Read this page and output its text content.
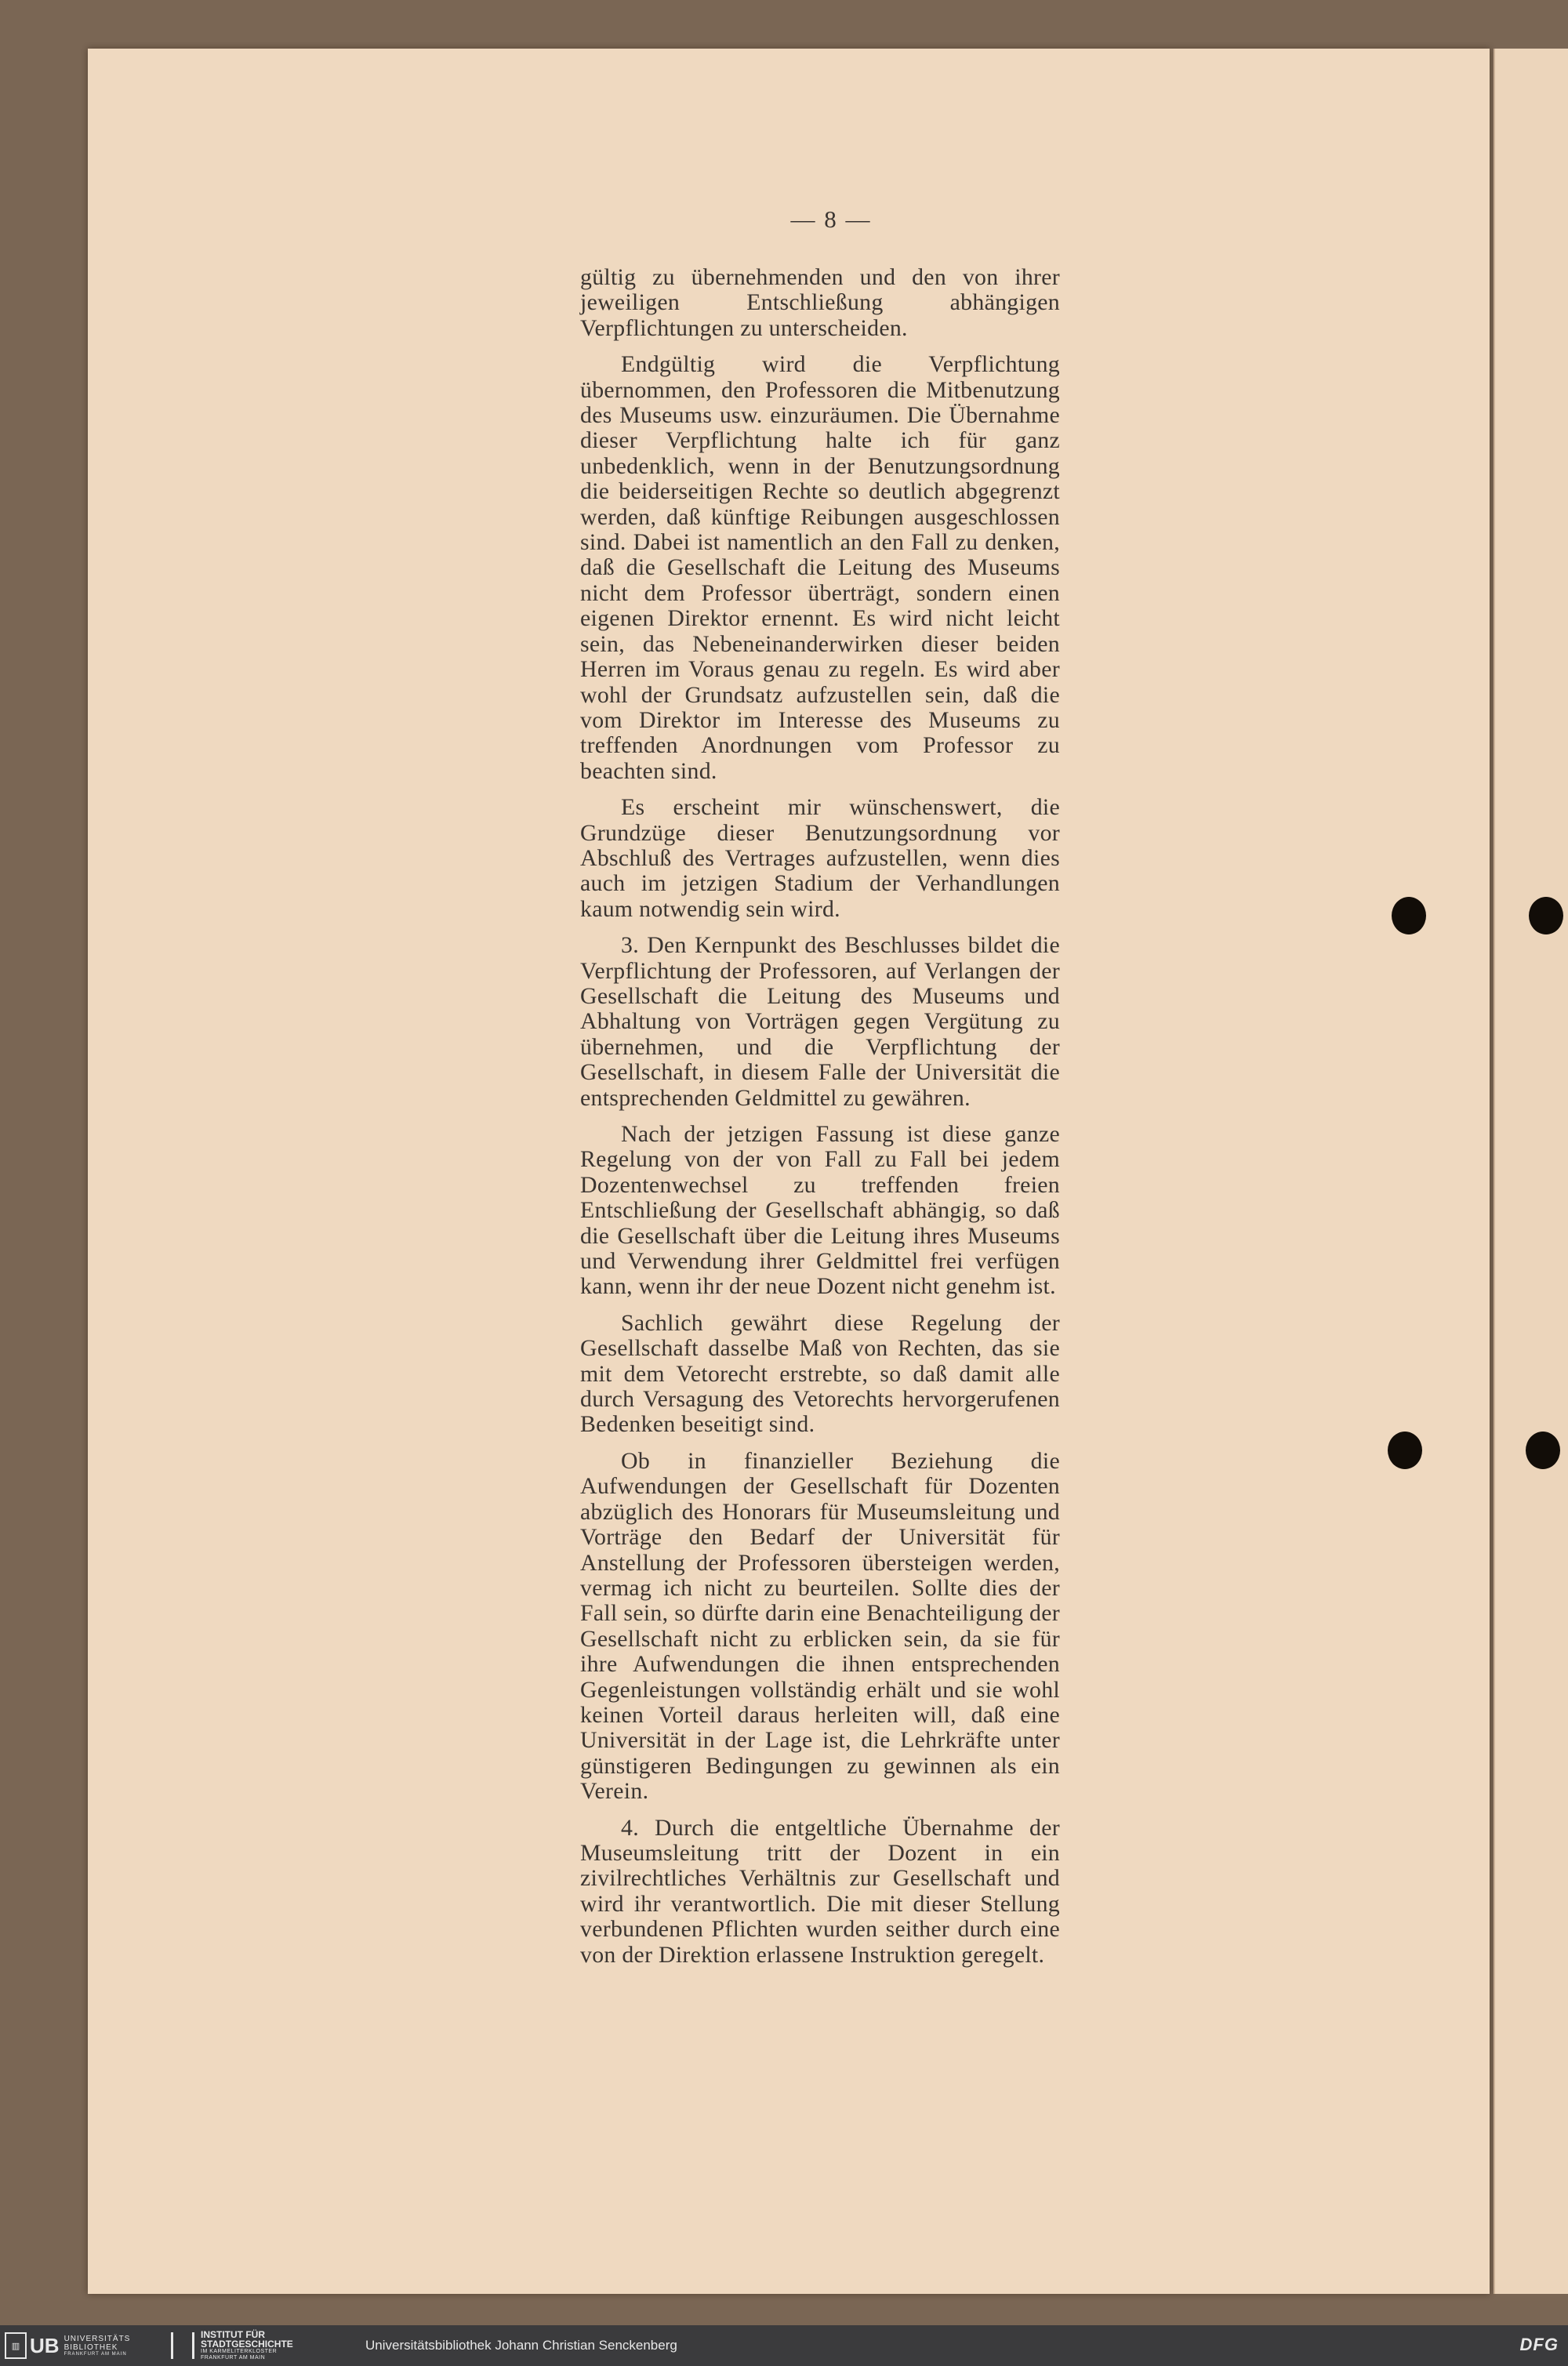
— 8 —

gültig zu übernehmenden und den von ihrer jeweiligen Entschließung abhängigen Verpflichtungen zu unterscheiden.

Endgültig wird die Verpflichtung übernommen, den Professoren die Mitbenutzung des Museums usw. einzuräumen. Die Übernahme dieser Verpflichtung halte ich für ganz unbedenklich, wenn in der Benutzungsordnung die beiderseitigen Rechte so deutlich abgegrenzt werden, daß künftige Reibungen ausgeschlossen sind. Dabei ist namentlich an den Fall zu denken, daß die Gesellschaft die Leitung des Museums nicht dem Professor überträgt, sondern einen eigenen Direktor ernennt. Es wird nicht leicht sein, das Nebeneinanderwirken dieser beiden Herren im Voraus genau zu regeln. Es wird aber wohl der Grundsatz aufzustellen sein, daß die vom Direktor im Interesse des Museums zu treffenden Anordnungen vom Professor zu beachten sind.

Es erscheint mir wünschenswert, die Grundzüge dieser Benutzungsordnung vor Abschluß des Vertrages aufzustellen, wenn dies auch im jetzigen Stadium der Verhandlungen kaum notwendig sein wird.

3. Den Kernpunkt des Beschlusses bildet die Verpflichtung der Professoren, auf Verlangen der Gesellschaft die Leitung des Museums und Abhaltung von Vorträgen gegen Vergütung zu übernehmen, und die Verpflichtung der Gesellschaft, in diesem Falle der Universität die entsprechenden Geldmittel zu gewähren.

Nach der jetzigen Fassung ist diese ganze Regelung von der von Fall zu Fall bei jedem Dozentenwechsel zu treffenden freien Entschließung der Gesellschaft abhängig, so daß die Gesellschaft über die Leitung ihres Museums und Verwendung ihrer Geldmittel frei verfügen kann, wenn ihr der neue Dozent nicht genehm ist.

Sachlich gewährt diese Regelung der Gesellschaft dasselbe Maß von Rechten, das sie mit dem Vetorecht erstrebte, so daß damit alle durch Versagung des Vetorechts hervorgerufenen Bedenken beseitigt sind.

Ob in finanzieller Beziehung die Aufwendungen der Gesellschaft für Dozenten abzüglich des Honorars für Museumsleitung und Vorträge den Bedarf der Universität für Anstellung der Professoren übersteigen werden, vermag ich nicht zu beurteilen. Sollte dies der Fall sein, so dürfte darin eine Benachteiligung der Gesellschaft nicht zu erblicken sein, da sie für ihre Aufwendungen die ihnen entsprechenden Gegenleistungen vollständig erhält und sie wohl keinen Vorteil daraus herleiten will, daß eine Universität in der Lage ist, die Lehrkräfte unter günstigeren Bedingungen zu gewinnen als ein Verein.

4. Durch die entgeltliche Übernahme der Museumsleitung tritt der Dozent in ein zivilrechtliches Verhältnis zur Gesellschaft und wird ihr verantwortlich. Die mit dieser Stellung verbundenen Pflichten wurden seither durch eine von der Direktion erlassene Instruktion geregelt.

▥ UB UNIVERSITÄTS
BIBLIOTHEK
FRANKFURT AM MAIN
INSTITUT FÜR
STADTGESCHICHTE
IM KARMELITERKLOSTER
FRANKFURT AM MAIN
Universitätsbibliothek Johann Christian Senckenberg	DFG
